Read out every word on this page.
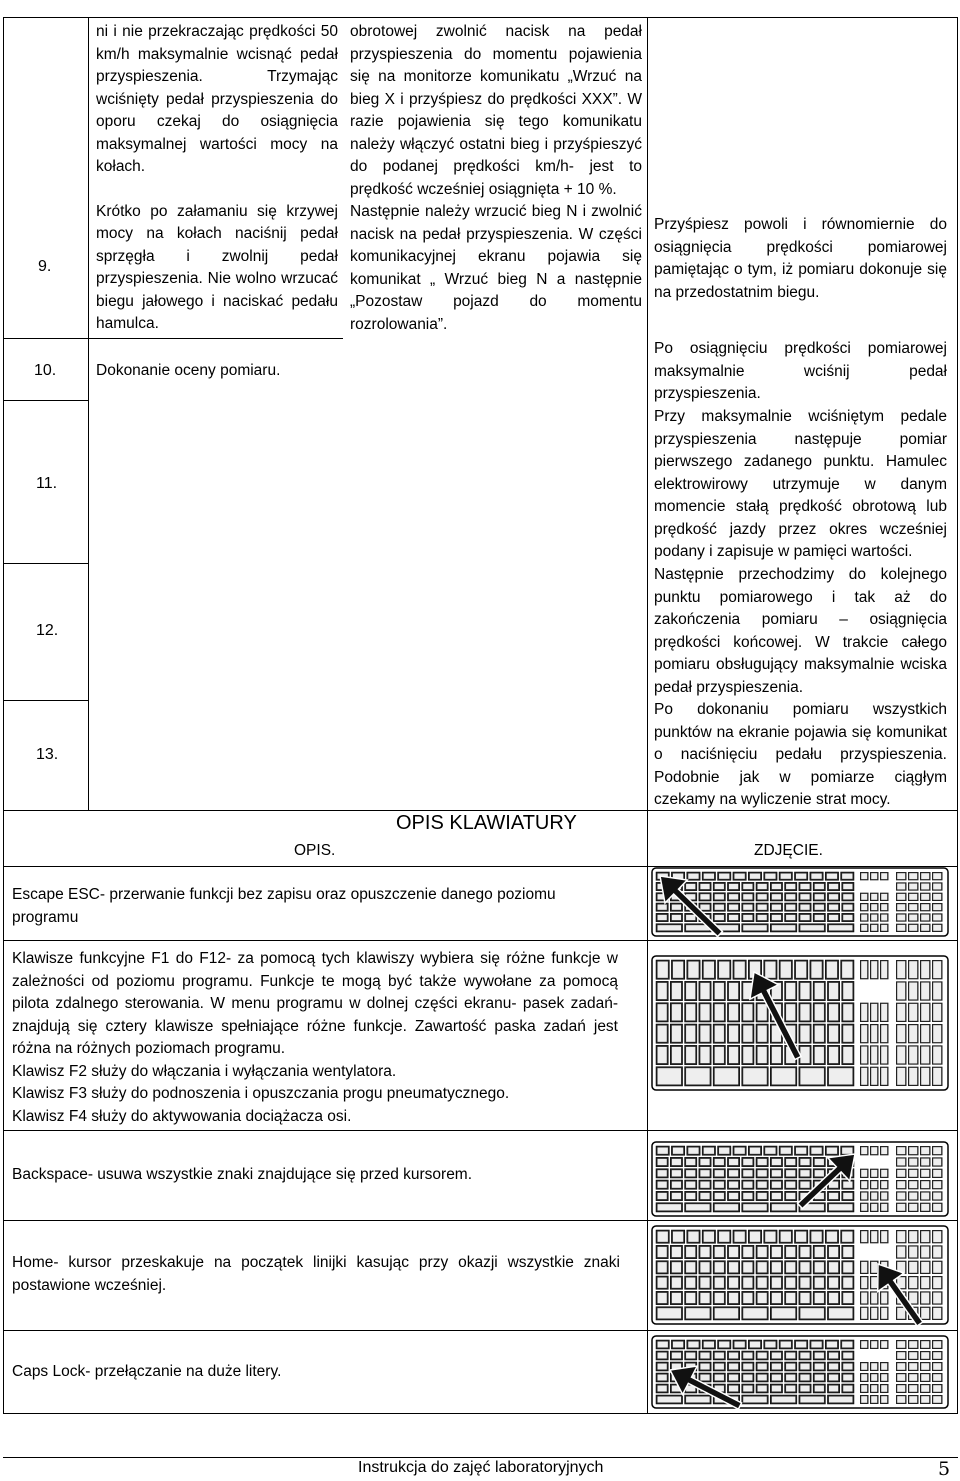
9.
10.
11.
12.
13.

ni i nie przekraczając prędkości 50 km/h maksymalnie wcisnąć pedał przyspieszenia. Trzymając wciśnięty pedał przyspieszenia do oporu czekaj do osiągnięcia maksymalnej wartości mocy na kołach.

Krótko po załamaniu się krzywej mocy na kołach naciśnij pedał sprzęgła i zwolnij pedał przyspieszenia. Nie wolno wrzucać biegu jałowego i naciskać pedału hamulca.

obrotowej zwolnić nacisk na pedał przyspieszenia do momentu pojawienia się na monitorze komunikatu „Wrzuć na bieg X i przyśpiesz do prędkości XXX”. W razie pojawienia się tego komunikatu należy włączyć ostatni bieg i przyśpieszyć do podanej prędkości km/h- jest to prędkość wcześniej osiągnięta + 10 %.

Następnie należy wrzucić bieg N i zwolnić nacisk na pedał przyspieszenia. W części komunikacyjnej ekranu pojawia się komunikat „ Wrzuć bieg N a następnie „Pozostaw pojazd do momentu rozrolowania”.

Przyśpiesz powoli i równomiernie do osiągnięcia prędkości pomiarowej pamiętając o tym, iż pomiaru dokonuje się na przedostatnim biegu.
Dokonanie oceny pomiaru.
Po osiągnięciu prędkości pomiarowej maksymalnie wciśnij pedał przyspieszenia.
Przy maksymalnie wciśniętym pedale przyspieszenia następuje pomiar pierwszego zadanego punktu. Hamulec elektrowirowy utrzymuje w danym momencie stałą prędkość obrotową lub prędkość jazdy przez okres wcześniej podany i zapisuje w pamięci wartości.
Następnie przechodzimy do kolejnego punktu pomiarowego i tak aż do zakończenia pomiaru – osiągnięcia prędkości końcowej. W trakcie całego pomiaru obsługujący maksymalnie wciska pedał przyspieszenia.
Po dokonaniu pomiaru wszystkich punktów na ekranie pojawia się komunikat o naciśnięciu pedału przyspieszenia. Podobnie jak w pomiarze ciągłym czekamy na wyliczenie strat mocy.
OPIS KLAWIATURY
OPIS.	ZDJĘCIE.

Escape ESC- przerwanie funkcji bez zapisu oraz opuszczenie danego poziomu programu

Klawisze funkcyjne F1 do F12- za pomocą tych klawiszy wybiera się różne funkcje w zależności od poziomu programu. Funkcje te mogą być także wywołane za pomocą pilota zdalnego sterowania. W menu programu w dolnej części ekranu- pasek zadań- znajdują się cztery klawisze spełniające różne funkcje. Zawartość paska zadań jest różna na różnych poziomach programu.

Klawisz F2 służy do włączania i wyłączania wentylatora.

Klawisz F3 służy do podnoszenia i opuszczania progu pneumatycznego.

Klawisz F4 służy do aktywowania dociążacza osi.

Backspace- usuwa wszystkie znaki znajdujące się przed kursorem.

Home- kursor przeskakuje na początek linijki kasując przy okazji wszystkie znaki postawione wcześniej.

Caps Lock- przełączanie na duże litery.

Instrukcja do zajęć laboratoryjnych	5
